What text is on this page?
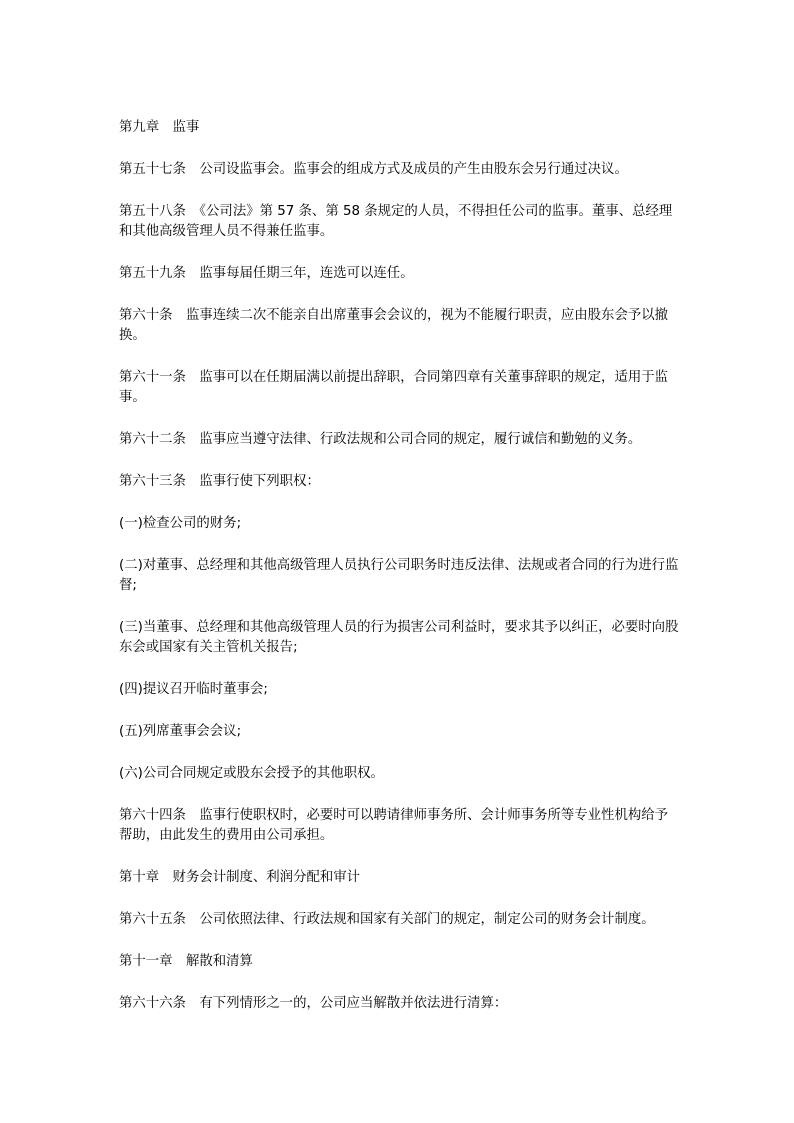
第九章　监事

第五十七条　公司设监事会。监事会的组成方式及成员的产生由股东会另行通过决议。

第五十八条　《公司法》第 57 条、第 58 条规定的人员，不得担任公司的监事。董事、总经理和其他高级管理人员不得兼任监事。

第五十九条　监事每届任期三年，连选可以连任。

第六十条　监事连续二次不能亲自出席董事会会议的，视为不能履行职责，应由股东会予以撤换。

第六十一条　监事可以在任期届满以前提出辞职，合同第四章有关董事辞职的规定，适用于监事。

第六十二条　监事应当遵守法律、行政法规和公司合同的规定，履行诚信和勤勉的义务。

第六十三条　监事行使下列职权：

(一)检查公司的财务;

(二)对董事、总经理和其他高级管理人员执行公司职务时违反法律、法规或者合同的行为进行监督;

(三)当董事、总经理和其他高级管理人员的行为损害公司利益时，要求其予以纠正，必要时向股东会或国家有关主管机关报告;

(四)提议召开临时董事会;

(五)列席董事会会议;

(六)公司合同规定或股东会授予的其他职权。

第六十四条　监事行使职权时，必要时可以聘请律师事务所、会计师事务所等专业性机构给予帮助，由此发生的费用由公司承担。

第十章　财务会计制度、利润分配和审计

第六十五条　公司依照法律、行政法规和国家有关部门的规定，制定公司的财务会计制度。

第十一章　解散和清算

第六十六条　有下列情形之一的，公司应当解散并依法进行清算：
